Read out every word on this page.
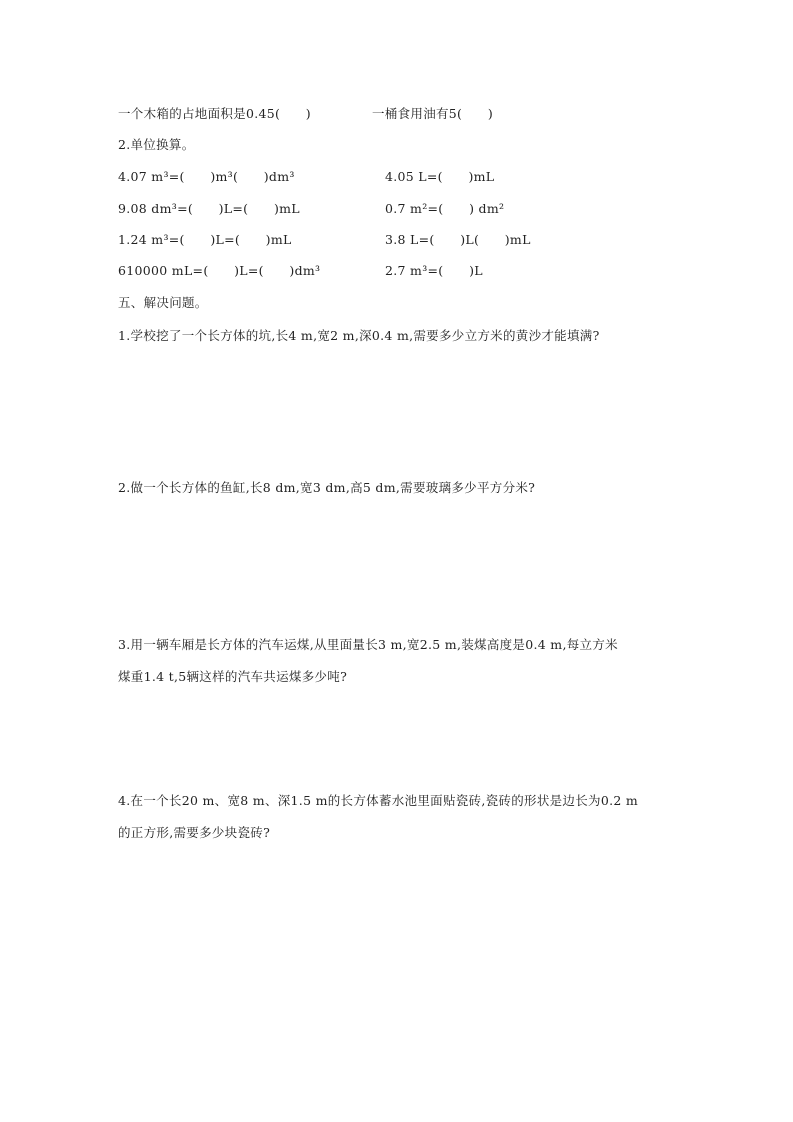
一个木箱的占地面积是0.45(　　)	一桶食用油有5(　　)
2.单位换算。
4.07 m³=(　　)m³(　　)dm³	4.05 L=(　　)mL
9.08 dm³=(　　)L=(　　)mL	0.7 m²=(　　) dm²
1.24 m³=(　　)L=(　　)mL	3.8 L=(　　)L(　　)mL
610000 mL=(　　)L=(　　)dm³	2.7 m³=(　　)L
五、解决问题。
1.学校挖了一个长方体的坑,长4 m,宽2 m,深0.4 m,需要多少立方米的黄沙才能填满?
2.做一个长方体的鱼缸,长8 dm,宽3 dm,高5 dm,需要玻璃多少平方分米?
3.用一辆车厢是长方体的汽车运煤,从里面量长3 m,宽2.5 m,装煤高度是0.4 m,每立方米
煤重1.4 t,5辆这样的汽车共运煤多少吨?
4.在一个长20 m、宽8 m、深1.5 m的长方体蓄水池里面贴瓷砖,瓷砖的形状是边长为0.2 m
的正方形,需要多少块瓷砖?
